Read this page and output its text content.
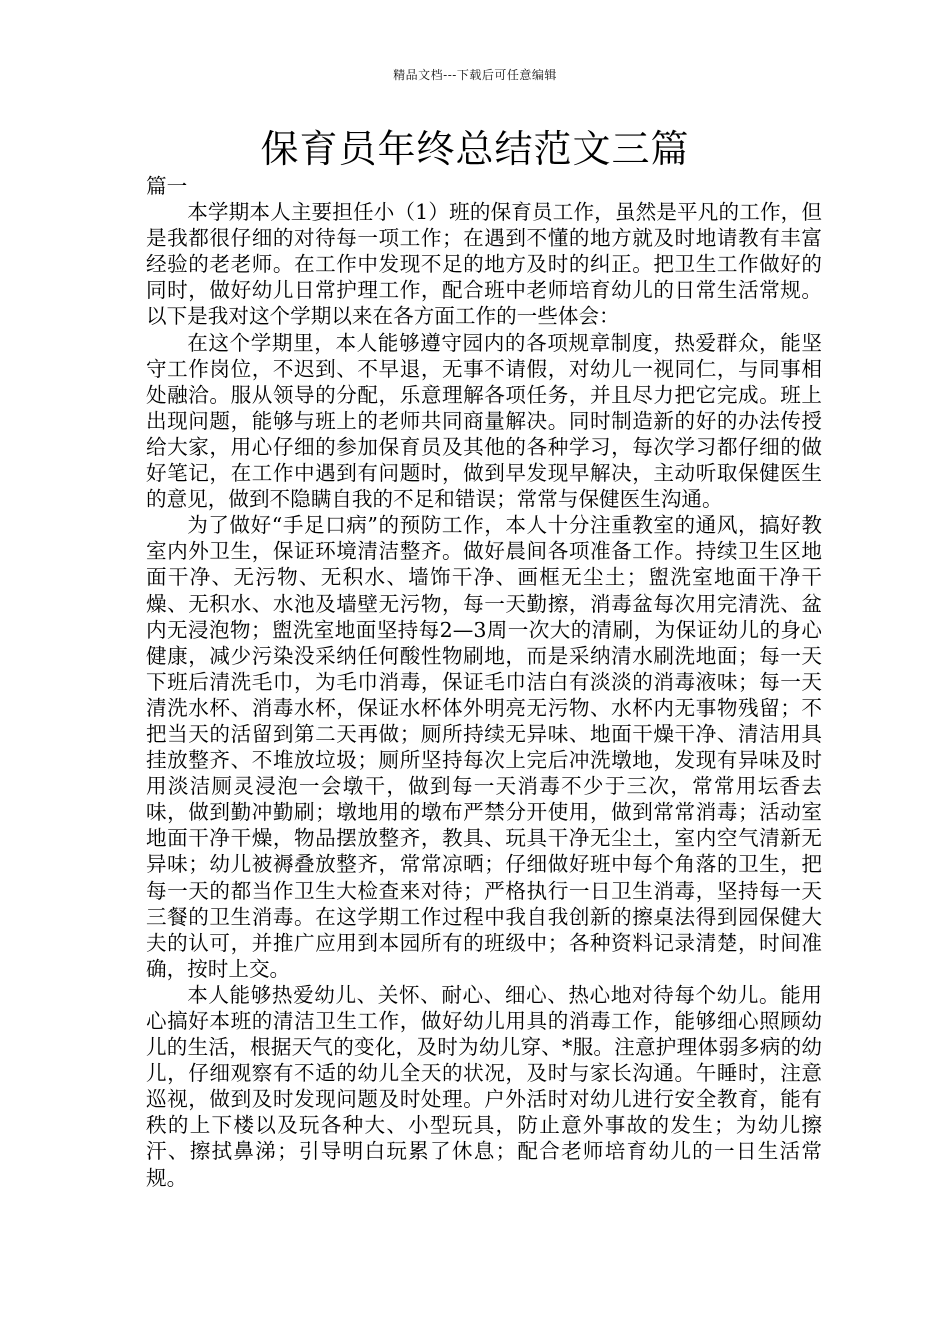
精品文档---下载后可任意编辑
保育员年终总结范文三篇

篇一

本学期本人主要担任小（1）班的保育员工作，虽然是平凡的工作，但是我都很仔细的对待每一项工作；在遇到不懂的地方就及时地请教有丰富经验的老老师。在工作中发现不足的地方及时的纠正。把卫生工作做好的同时，做好幼儿日常护理工作，配合班中老师培育幼儿的日常生活常规。以下是我对这个学期以来在各方面工作的一些体会：

在这个学期里，本人能够遵守园内的各项规章制度，热爱群众，能坚守工作岗位，不迟到、不早退，无事不请假，对幼儿一视同仁，与同事相处融洽。服从领导的分配，乐意理解各项任务，并且尽力把它完成。班上出现问题，能够与班上的老师共同商量解决。同时制造新的好的办法传授给大家，用心仔细的参加保育员及其他的各种学习，每次学习都仔细的做好笔记，在工作中遇到有问题时，做到早发现早解决，主动听取保健医生的意见，做到不隐瞒自我的不足和错误；常常与保健医生沟通。

为了做好“手足口病”的预防工作，本人十分注重教室的通风，搞好教室内外卫生，保证环境清洁整齐。做好晨间各项准备工作。持续卫生区地面干净、无污物、无积水、墙饰干净、画框无尘土；盥洗室地面干净干燥、无积水、水池及墙壁无污物，每一天勤擦，消毒盆每次用完清洗、盆内无浸泡物；盥洗室地面坚持每2—3周一次大的清刷，为保证幼儿的身心健康，减少污染没采纳任何酸性物刷地，而是采纳清水刷洗地面；每一天下班后清洗毛巾，为毛巾消毒，保证毛巾洁白有淡淡的消毒液味；每一天清洗水杯、消毒水杯，保证水杯体外明亮无污物、水杯内无事物残留；不把当天的活留到第二天再做；厕所持续无异味、地面干燥干净、清洁用具挂放整齐、不堆放垃圾；厕所坚持每次上完后冲洗墩地，发现有异味及时用淡洁厕灵浸泡一会墩干，做到每一天消毒不少于三次，常常用坛香去味，做到勤冲勤刷；墩地用的墩布严禁分开使用，做到常常消毒；活动室地面干净干燥，物品摆放整齐，教具、玩具干净无尘土，室内空气清新无异味；幼儿被褥叠放整齐，常常凉晒；仔细做好班中每个角落的卫生，把每一天的都当作卫生大检查来对待；严格执行一日卫生消毒，坚持每一天三餐的卫生消毒。在这学期工作过程中我自我创新的擦桌法得到园保健大夫的认可，并推广应用到本园所有的班级中；各种资料记录清楚，时间准确，按时上交。

本人能够热爱幼儿、关怀、耐心、细心、热心地对待每个幼儿。能用心搞好本班的清洁卫生工作，做好幼儿用具的消毒工作，能够细心照顾幼儿的生活，根据天气的变化，及时为幼儿穿、*服。注意护理体弱多病的幼儿，仔细观察有不适的幼儿全天的状况，及时与家长沟通。午睡时，注意巡视，做到及时发现问题及时处理。户外活时对幼儿进行安全教育，能有秩的上下楼以及玩各种大、小型玩具，防止意外事故的发生；为幼儿擦汗、擦拭鼻涕；引导明白玩累了休息；配合老师培育幼儿的一日生活常规。
